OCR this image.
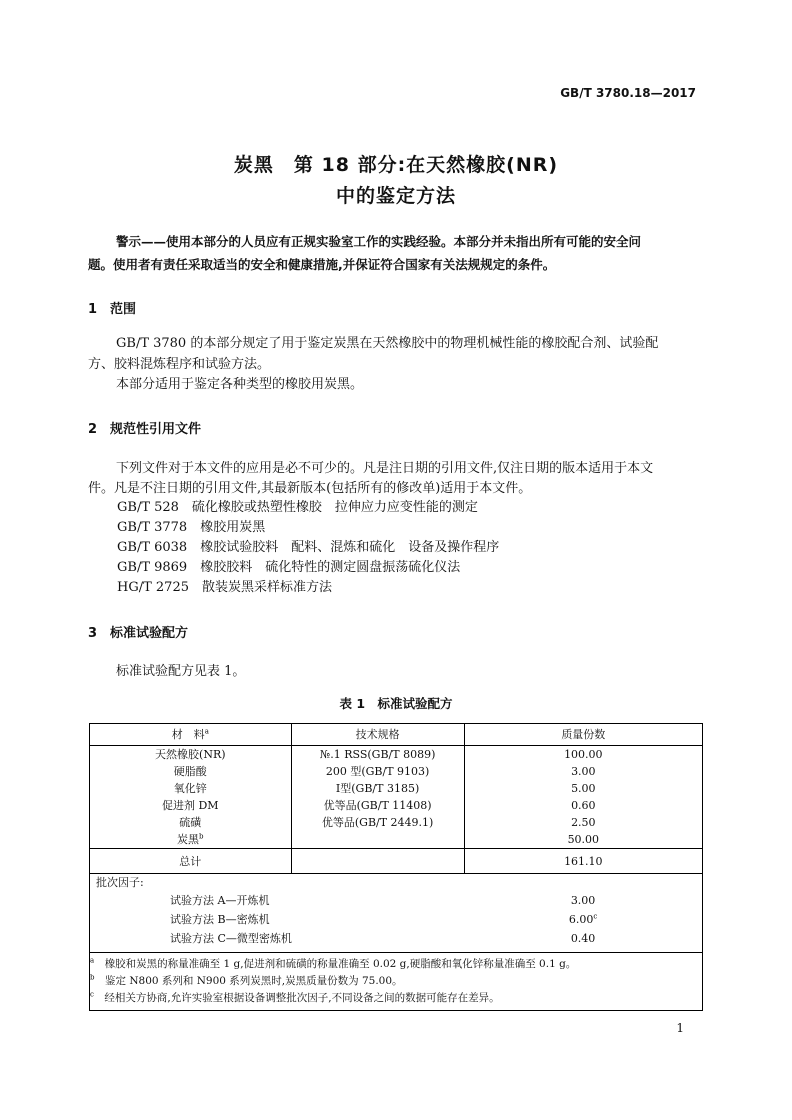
GB/T 3780.18—2017
炭黑　第 18 部分:在天然橡胶(NR)
中的鉴定方法

警示——使用本部分的人员应有正规实验室工作的实践经验。本部分并未指出所有可能的安全问

题。使用者有责任采取适当的安全和健康措施,并保证符合国家有关法规规定的条件。

1 范围

GB/T 3780 的本部分规定了用于鉴定炭黑在天然橡胶中的物理机械性能的橡胶配合剂、试验配

方、胶料混炼程序和试验方法。

本部分适用于鉴定各种类型的橡胶用炭黑。

2 规范性引用文件

下列文件对于本文件的应用是必不可少的。凡是注日期的引用文件,仅注日期的版本适用于本文

件。凡是不注日期的引用文件,其最新版本(包括所有的修改单)适用于本文件。

GB/T 528　硫化橡胶或热塑性橡胶　拉伸应力应变性能的测定
GB/T 3778　橡胶用炭黑
GB/T 6038　橡胶试验胶料　配料、混炼和硫化　设备及操作程序
GB/T 9869　橡胶胶料　硫化特性的测定圆盘振荡硫化仪法
HG/T 2725　散装炭黑采样标准方法
3 标准试验配方

标准试验配方见表 1。

表 1　标准试验配方
材　料$^a$	技术规格	质量份数
天然橡胶(NR)	№.1 RSS(GB/T 8089)	100.00
硬脂酸	200 型(GB/T 9103)	3.00
氧化锌	Ⅰ型(GB/T 3185)	5.00
促进剂 DM	优等品(GB/T 11408)	0.60
硫磺	优等品(GB/T 2449.1)	2.50
炭黑$^b$		50.00
总计		161.10
批次因子:		
试验方法 A—开炼机		3.00
试验方法 B—密炼机		6.00$^c$
试验方法 C—微型密炼机		0.40
$^a$　 橡胶和炭黑的称量准确至 1 g,促进剂和硫磺的称量准确至 0.02 g,硬脂酸和氧化锌称量准确至 0.1 g。		
$^b$　 鉴定 N800 系列和 N900 系列炭黑时,炭黑质量份数为 75.00。		
$^c$　 经相关方协商,允许实验室根据设备调整批次因子,不同设备之间的数据可能存在差异。		
1
